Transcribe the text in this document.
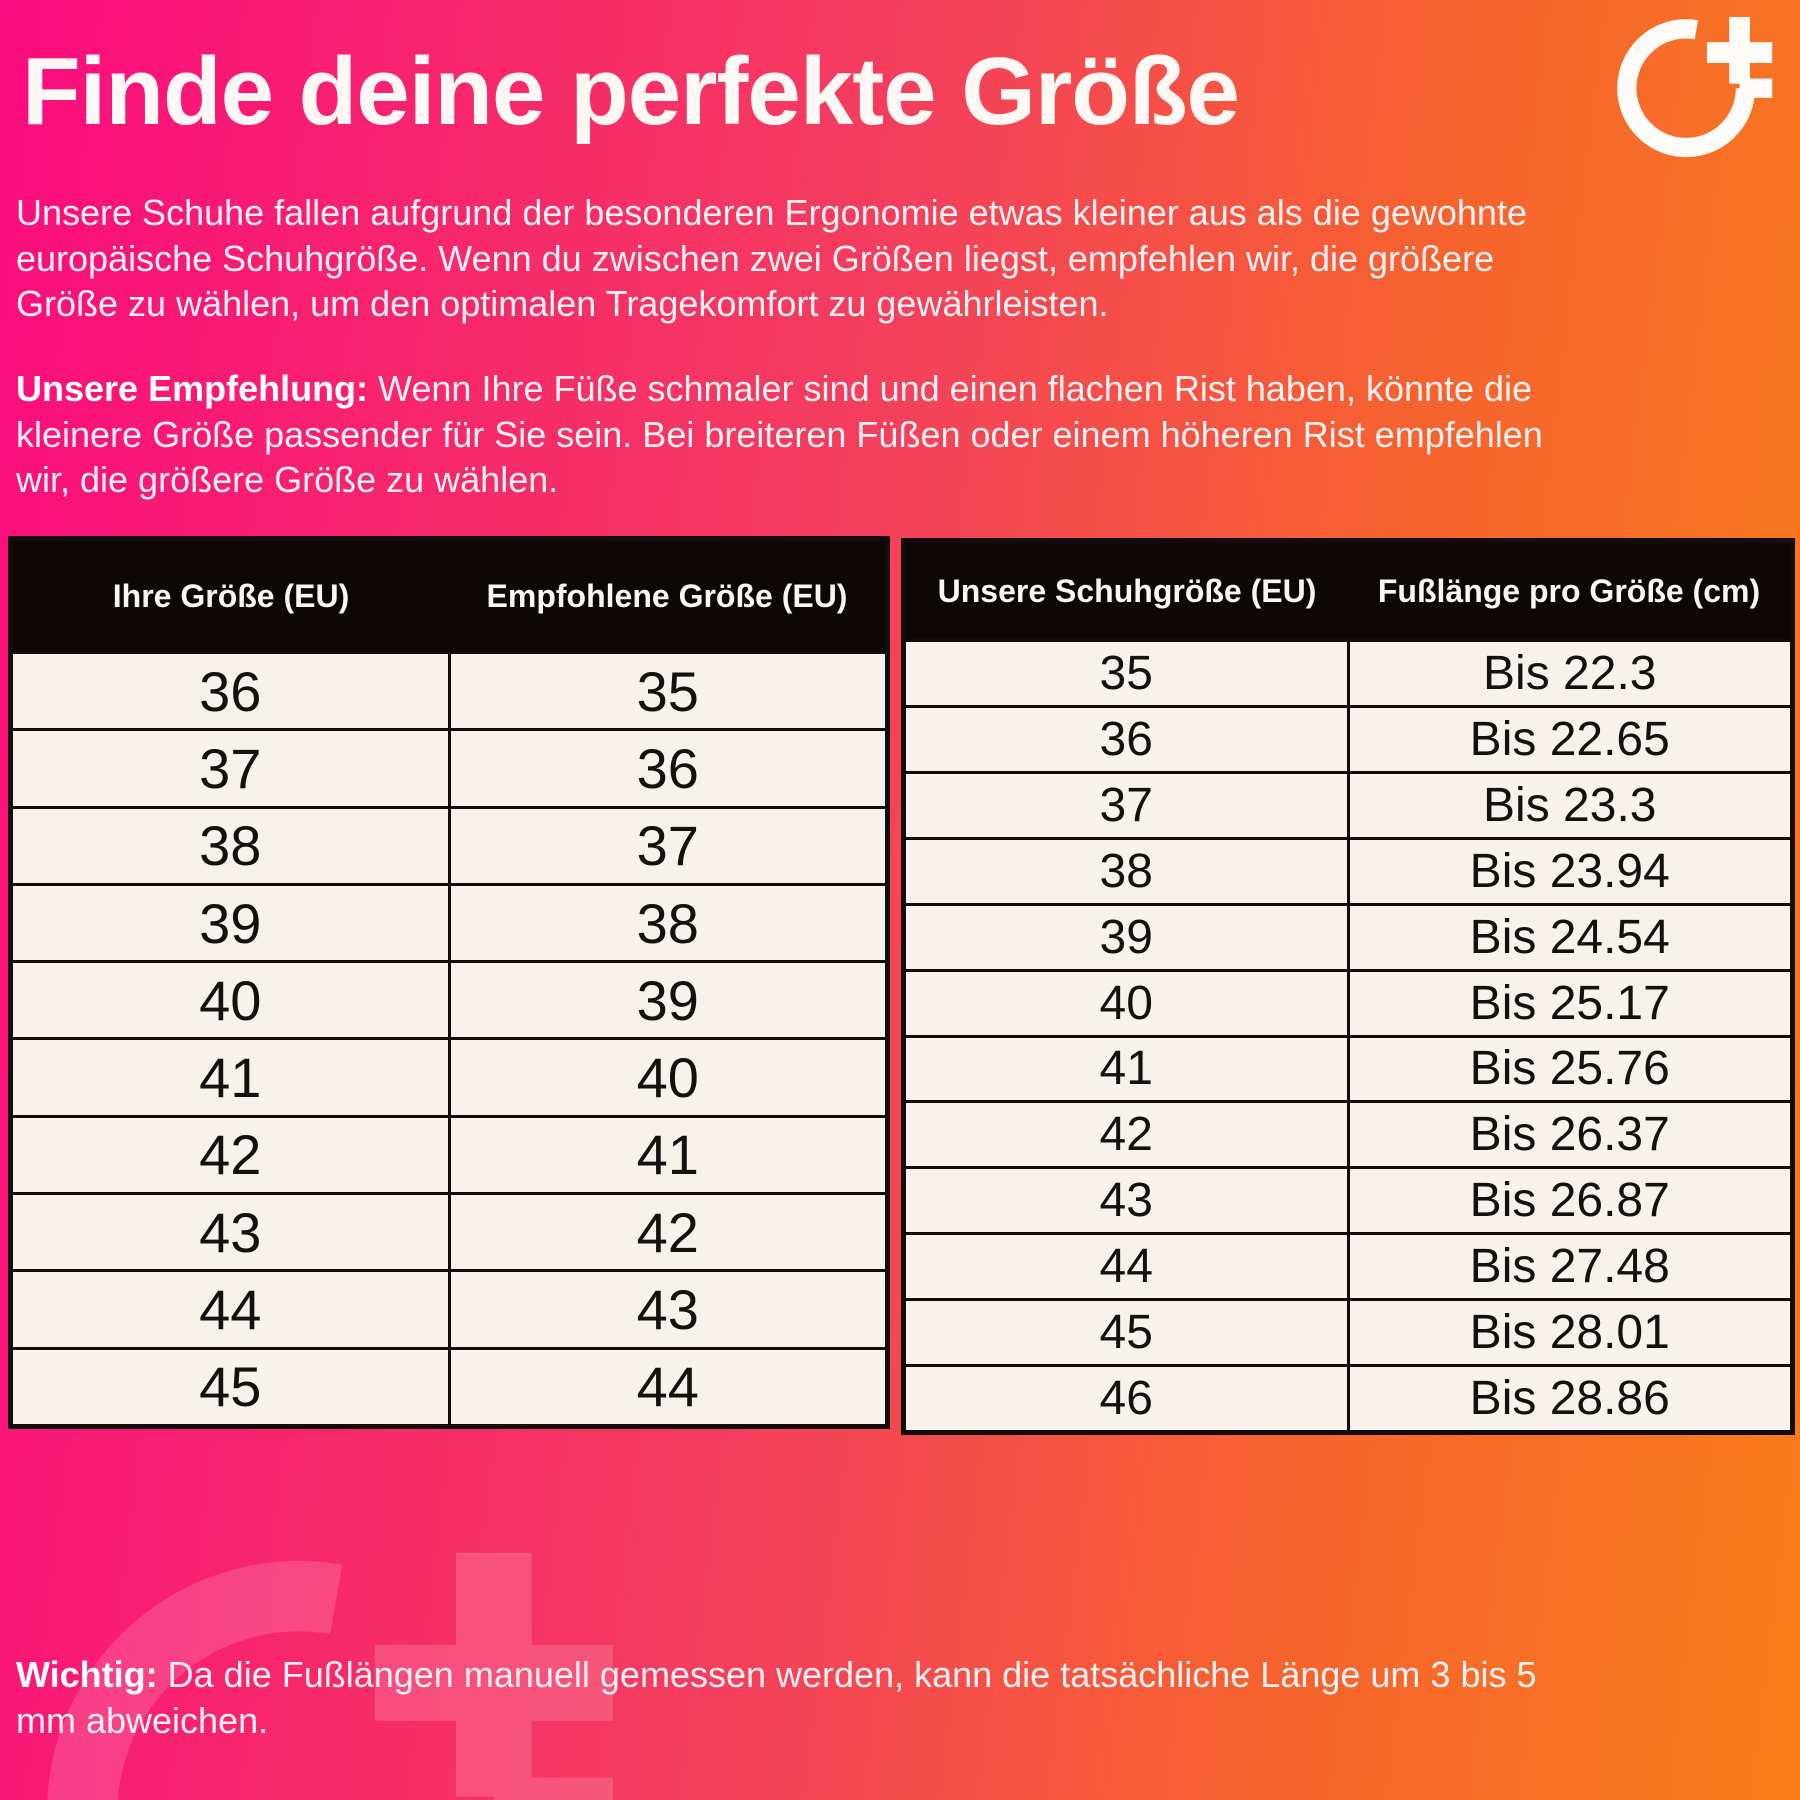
Finde deine perfekte Größe
Unsere Schuhe fallen aufgrund der besonderen Ergonomie etwas kleiner aus als die gewohnte europäische Schuhgröße. Wenn du zwischen zwei Größen liegst, empfehlen wir, die größere Größe zu wählen, um den optimalen Tragekomfort zu gewährleisten.
Unsere Empfehlung: Wenn Ihre Füße schmaler sind und einen flachen Rist haben, könnte die kleinere Größe passender für Sie sein. Bei breiteren Füßen oder einem höheren Rist empfehlen wir, die größere Größe zu wählen.
Ihre Größe (EU)	Empfohlene Größe (EU)
36	35
37	36
38	37
39	38
40	39
41	40
42	41
43	42
44	43
45	44
Unsere Schuhgröße (EU)	Fußlänge pro Größe (cm)
35	Bis 22.3
36	Bis 22.65
37	Bis 23.3
38	Bis 23.94
39	Bis 24.54
40	Bis 25.17
41	Bis 25.76
42	Bis 26.37
43	Bis 26.87
44	Bis 27.48
45	Bis 28.01
46	Bis 28.86
Wichtig: Da die Fußlängen manuell gemessen werden, kann die tatsächliche Länge um 3 bis 5 mm abweichen.
